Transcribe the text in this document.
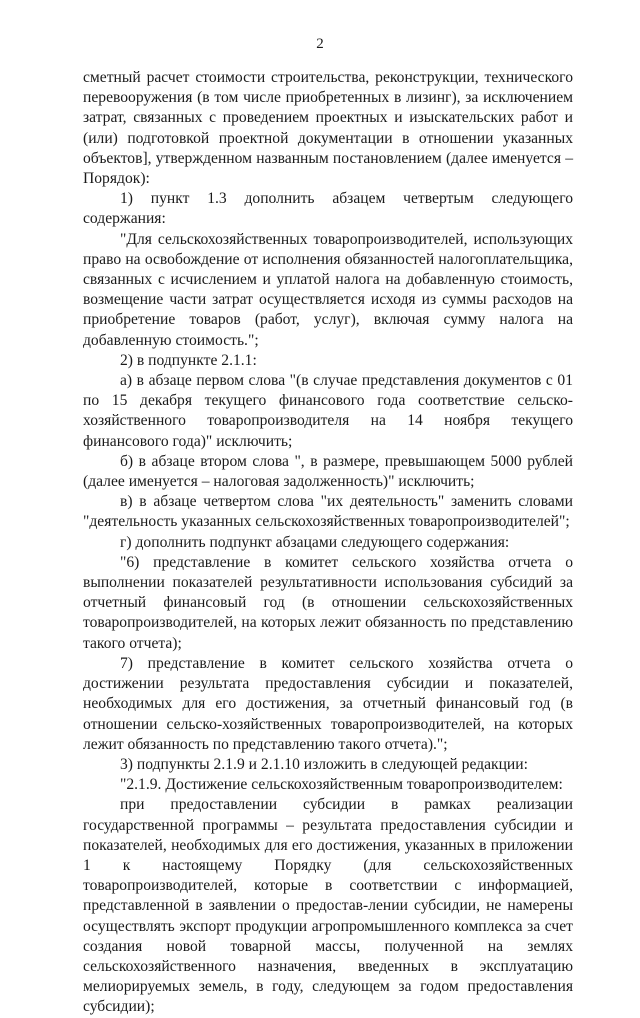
2

сметный расчет стоимости строительства, реконструкции, технического перевооружения (в том числе приобретенных в лизинг), за исключением затрат, связанных с проведением проектных и изыскательских работ и (или) подготовкой проектной документации в отношении указанных объектов], утвержденном названным постановлением (далее именуется – Порядок):

1) пункт 1.3 дополнить абзацем четвертым следующего содержания:

"Для сельскохозяйственных товаропроизводителей, использующих право на освобождение от исполнения обязанностей налогоплательщика, связанных с исчислением и уплатой налога на добавленную стоимость, возмещение части затрат осуществляется исходя из суммы расходов на приобретение товаров (работ, услуг), включая сумму налога на добавленную стоимость.";

2) в подпункте 2.1.1:

а) в абзаце первом слова "(в случае представления документов с 01 по 15 декабря текущего финансового года соответствие сельско-хозяйственного товаропроизводителя на 14 ноября текущего финансового года)" исключить;

б) в абзаце втором слова ", в размере, превышающем 5000 рублей (далее именуется – налоговая задолженность)" исключить;

в) в абзаце четвертом слова "их деятельность" заменить словами "деятельность указанных сельскохозяйственных товаропроизводителей";

г) дополнить подпункт абзацами следующего содержания:

"6) представление в комитет сельского хозяйства отчета о выполнении показателей результативности использования субсидий за отчетный финансовый год (в отношении сельскохозяйственных товаропроизводителей, на которых лежит обязанность по представлению такого отчета);

7) представление в комитет сельского хозяйства отчета о достижении результата предоставления субсидии и показателей, необходимых для его достижения, за отчетный финансовый год (в отношении сельско-хозяйственных товаропроизводителей, на которых лежит обязанность по представлению такого отчета).";

3) подпункты 2.1.9 и 2.1.10 изложить в следующей редакции:

"2.1.9. Достижение сельскохозяйственным товаропроизводителем:

при предоставлении субсидии в рамках реализации государственной программы – результата предоставления субсидии и показателей, необходимых для его достижения, указанных в приложении 1 к настоящему Порядку (для сельскохозяйственных товаропроизводителей, которые в соответствии с информацией, представленной в заявлении о предостав-лении субсидии, не намерены осуществлять экспорт продукции агропромышленного комплекса за счет создания новой товарной массы, полученной на землях сельскохозяйственного назначения, введенных в эксплуатацию мелиорируемых земель, в году, следующем за годом предоставления субсидии);
